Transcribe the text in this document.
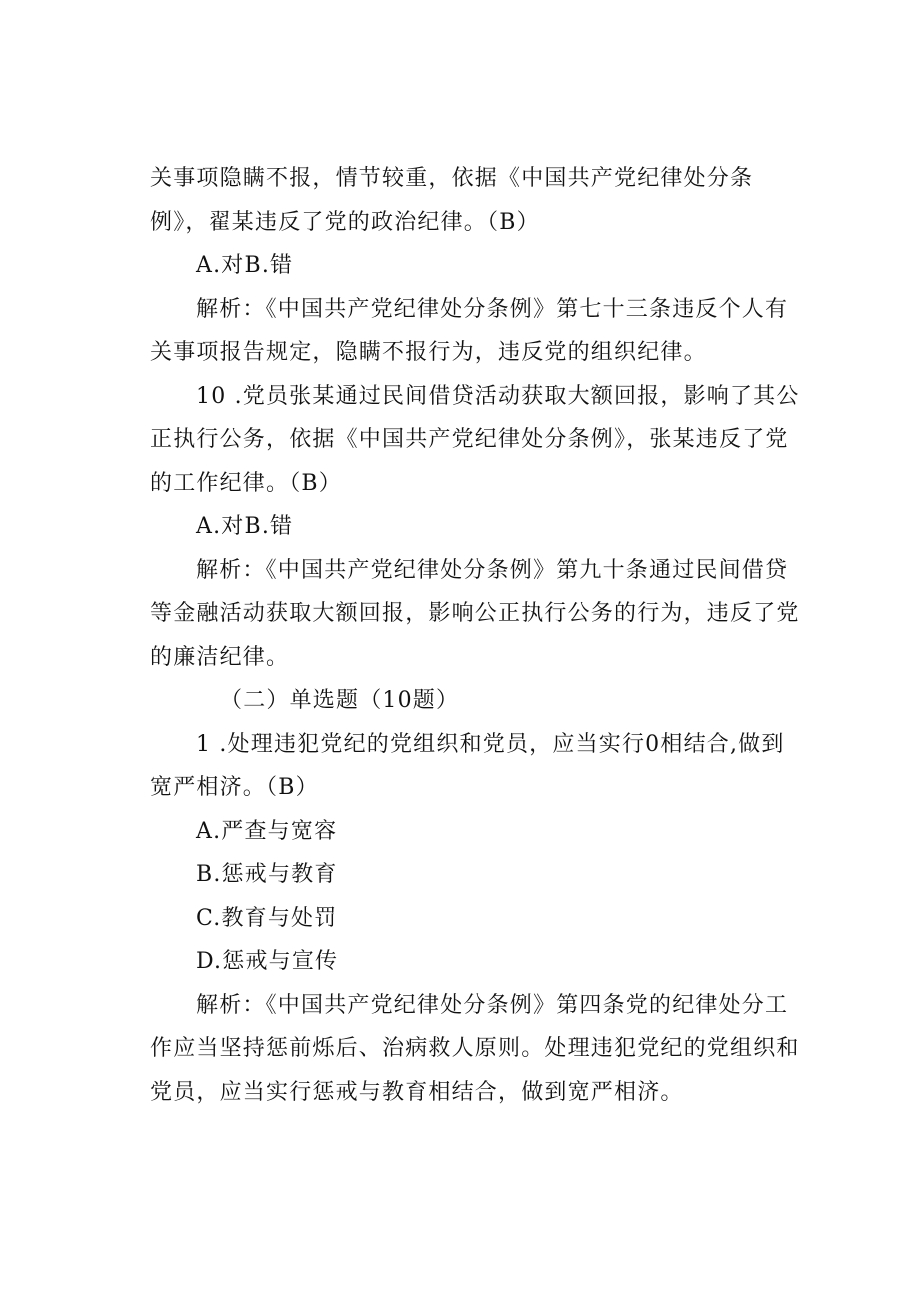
关事项隐瞒不报，情节较重，依据《中国共产党纪律处分条
例》，翟某违反了党的政治纪律。（B）
A.对B.错
解析：《中国共产党纪律处分条例》第七十三条违反个人有
关事项报告规定，隐瞒不报行为，违反党的组织纪律。
10 .党员张某通过民间借贷活动获取大额回报，影响了其公
正执行公务，依据《中国共产党纪律处分条例》，张某违反了党
的工作纪律。（B）
A.对B.错
解析：《中国共产党纪律处分条例》第九十条通过民间借贷
等金融活动获取大额回报，影响公正执行公务的行为，违反了党
的廉洁纪律。
（二）单选题（10题）
1 .处理违犯党纪的党组织和党员，应当实行0相结合,做到
宽严相济。（B）
A.严查与宽容
B.惩戒与教育
C.教育与处罚
D.惩戒与宣传
解析：《中国共产党纪律处分条例》第四条党的纪律处分工
作应当坚持惩前烁后、治病救人原则。处理违犯党纪的党组织和
党员，应当实行惩戒与教育相结合，做到宽严相济。
